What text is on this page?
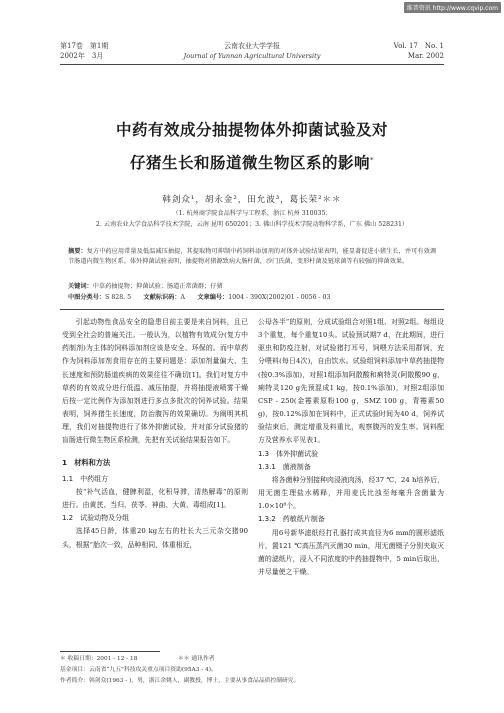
维普资讯 http://www.cqvip.com
第17卷　第1期
2002年　3月
云南农业大学学报
Journal of Yunnan Agricultural University
Vol. 17　No. 1
Mar. 2002
中药有效成分抽提物体外抑菌试验及对
仔猪生长和肠道微生物区系的影响*
韩剑众¹，胡永金²，田允波³，葛长荣²＊＊
（1. 杭州商学院食品科学与工程系，浙江 杭州 310035；
2. 云南农业大学食品科学技术学院，云南 昆明 650201；3. 佛山科学技术学院动物科学系，广东 佛山 528231）
摘要：复方中药应用常量及低温减压抽提，其提取物可抑制中药饲料添加剂的对体外试验结果表明，能显著促进小猪生长，并可有效调节肠道内微生物区系。体外抑菌试验表明，抽提物对猪源致病大肠杆菌，沙门氏菌，变形杆菌及链球菌等有较强的抑菌效果。
关键词：中草药抽提物；抑菌试验；肠道正常菌群；仔猪
中图分类号：S 828. 5　　 文献标识码：A　　 文章编号：1004 - 390X(2002)01 - 0056 - 03

引起动物性食品安全的隐患目前主要是来自饲料，且已受到全社会的普遍关注。一般认为，以植物有效成分(复方中药制剂)为主体的饲料添加剂应该是安全、环保的。而中草药作为饲料添加剂食用存在的主要问题是：添加剂量偏大、生长速度和预防肠道疾病的效果往往不确切[1]。我们对复方中草药的有效成分进行低温、减压抽提，并将抽提液喷雾干燥后按一定比例作为添加剂进行多点多批次的饲养试验。结果表明，饲养猪生长速度，防治腹泻的效果确切。为阐明其机理，我们对抽提物进行了体外抑菌试验，并对部分试验猪的盲肠进行微生物区系检测，先把有关试验结果报告如下。

1　材料和方法

1.1　中药组方

按“补气活血，健脾利湿，化积导滞，清热解毒”的原则进行。由黄芪、当归、茯苓、神曲、大黄、毒组成[1]。

1.2　试验动物及分组

选择45日龄，体重20 kg左右的杜长大三元杂交猪90头，根据“胎次一致，品种相同，体重相近，

公母各半”的原则，分成试验组合对照1组、对照2组。每组设3个重复，每个重复10头。试验预试期7 d，在此期间，进行驱虫和防疫注射，对试验猪打耳号，饲喂方法采用群饲，充分喂料(每日4次)，自由饮水。试验组饲料添加中草药抽提物(按0.3%添加)，对照1组添加阿散酸和痢特灵(阿散酸90 g，痢特灵120 g先预混成1 kg，按0.1%添加)，对照2组添加CSP - 250(金霉素原粉100 g，SMZ 100 g，青霉素50 g)，按0.12%添加在饲料中，正式试验时间为40 d，饲养试验结束后，测定增重及料重比，观察腹泻的发生率。饲料配方及营养水平见表1。

1.3　体外抑菌试验

1.3.1　菌液制备

将各菌种分别接种肉浸液肉汤，经37 ℃，24 h培养后，用无菌生理盐水稀释，并用麦氏比浊至每毫升含菌量为1.0×10⁸个。

1.3.2　药敏纸片制备

用6号新华滤纸经打孔器打成其直径为6 mm的圆形滤纸片，置121 ℃高压蒸汽灭菌30 min，用无菌镊子分别夹取灭菌的滤纸片，浸入不同浓度的中药抽提物中，5 min后取出，并尽量使之干燥。

＊ 收稿日期：2001 - 12 - 18　　　　　　　＊＊ 通讯作者
基金项目：云南省“九五”科技攻关重点项目资助(95A3 - 4)。
作者简介：韩剑众(1963 - )，男，浙江余姚人，副教授，博士，主要从事食品品质控制研究。
